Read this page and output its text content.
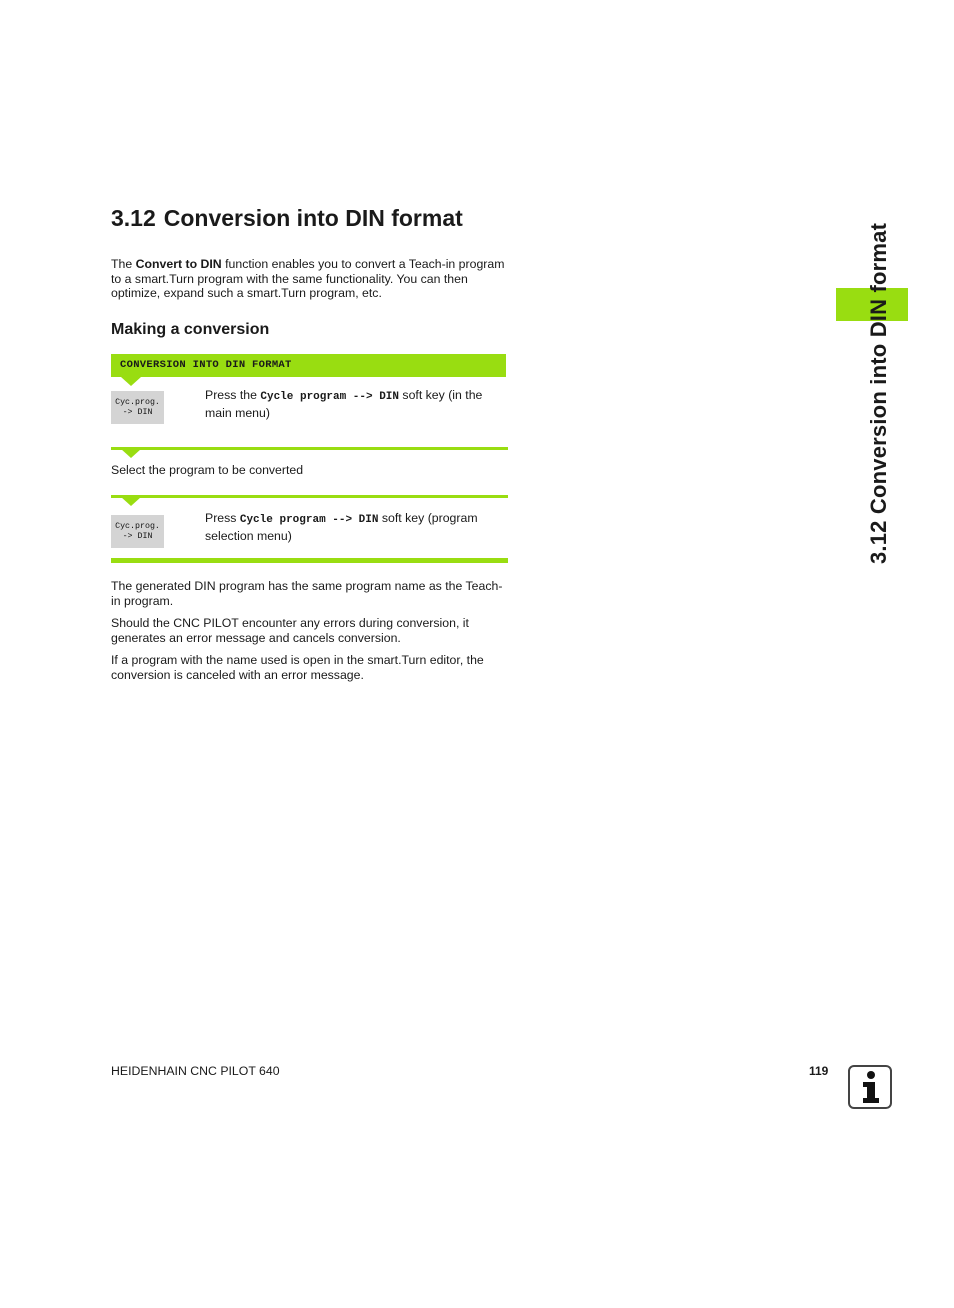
3.12 Conversion into DIN format
The Convert to DIN function enables you to convert a Teach-in program to a smart.Turn program with the same functionality. You can then optimize, expand such a smart.Turn program, etc.
Making a conversion
CONVERSION INTO DIN FORMAT
Cyc.prog.
-> DIN
Press the Cycle program --> DIN soft key (in the main menu)
Select the program to be converted
Cyc.prog.
-> DIN
Press Cycle program --> DIN soft key (program selection menu)
The generated DIN program has the same program name as the Teach-in program.
Should the CNC PILOT encounter any errors during conversion, it generates an error message and cancels conversion.
If a program with the name used is open in the smart.Turn editor, the conversion is canceled with an error message.
3.12 Conversion into DIN format
HEIDENHAIN CNC PILOT 640	119
